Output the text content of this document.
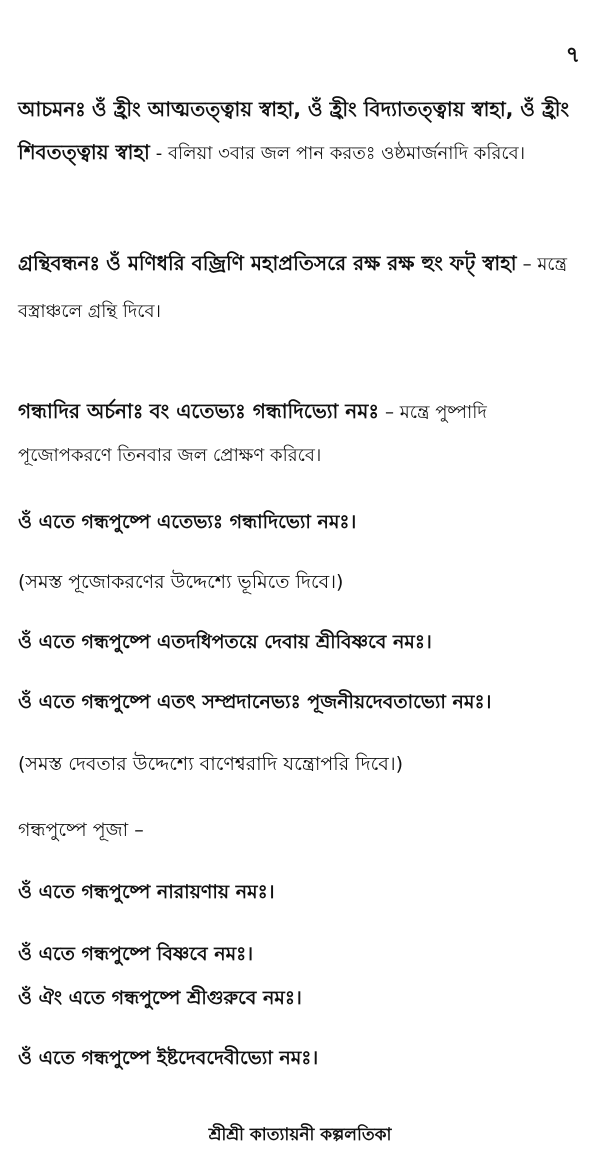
৭
আচমনঃ ওঁ হ্রীং আত্মতত্ত্বায় স্বাহা, ওঁ হ্রীং বিদ্যাতত্ত্বায় স্বাহা, ওঁ হ্রীং শিবতত্ত্বায় স্বাহা - বলিয়া ৩বার জল পান করতঃ ওষ্ঠমার্জনাদি করিবে।
গ্রন্থিবন্ধনঃ ওঁ মণিধরি বজ্রিণি মহাপ্রতিসরে রক্ষ রক্ষ হুং ফট্ স্বাহা – মন্ত্রে বস্ত্রাঞ্চলে গ্রন্থি দিবে।
গন্ধাদির অর্চনাঃ বং এতেভ্যঃ গন্ধাদিভ্যো নমঃ – মন্ত্রে পুষ্পাদি পূজোপকরণে তিনবার জল প্রোক্ষণ করিবে।
ওঁ এতে গন্ধপুষ্পে এতেভ্যঃ গন্ধাদিভ্যো নমঃ।
(সমস্ত পূজোকরণের উদ্দেশ্যে ভূমিতে দিবে।)
ওঁ এতে গন্ধপুষ্পে এতদধিপতয়ে দেবায় শ্রীবিষ্ণবে নমঃ।
ওঁ এতে গন্ধপুষ্পে এতৎ সম্প্রদানেভ্যঃ পূজনীয়দেবতাভ্যো নমঃ।
(সমস্ত দেবতার উদ্দেশ্যে বাণেশ্বরাদি যন্ত্রোপরি দিবে।)
গন্ধপুষ্পে পূজা –
ওঁ এতে গন্ধপুষ্পে নারায়ণায় নমঃ।
ওঁ এতে গন্ধপুষ্পে বিষ্ণবে নমঃ।
ওঁ ঐং এতে গন্ধপুষ্পে শ্রীগুরুবে নমঃ।
ওঁ এতে গন্ধপুষ্পে ইষ্টদেবদেবীভ্যো নমঃ।
শ্রীশ্রী কাত্যায়নী কল্পলতিকা
